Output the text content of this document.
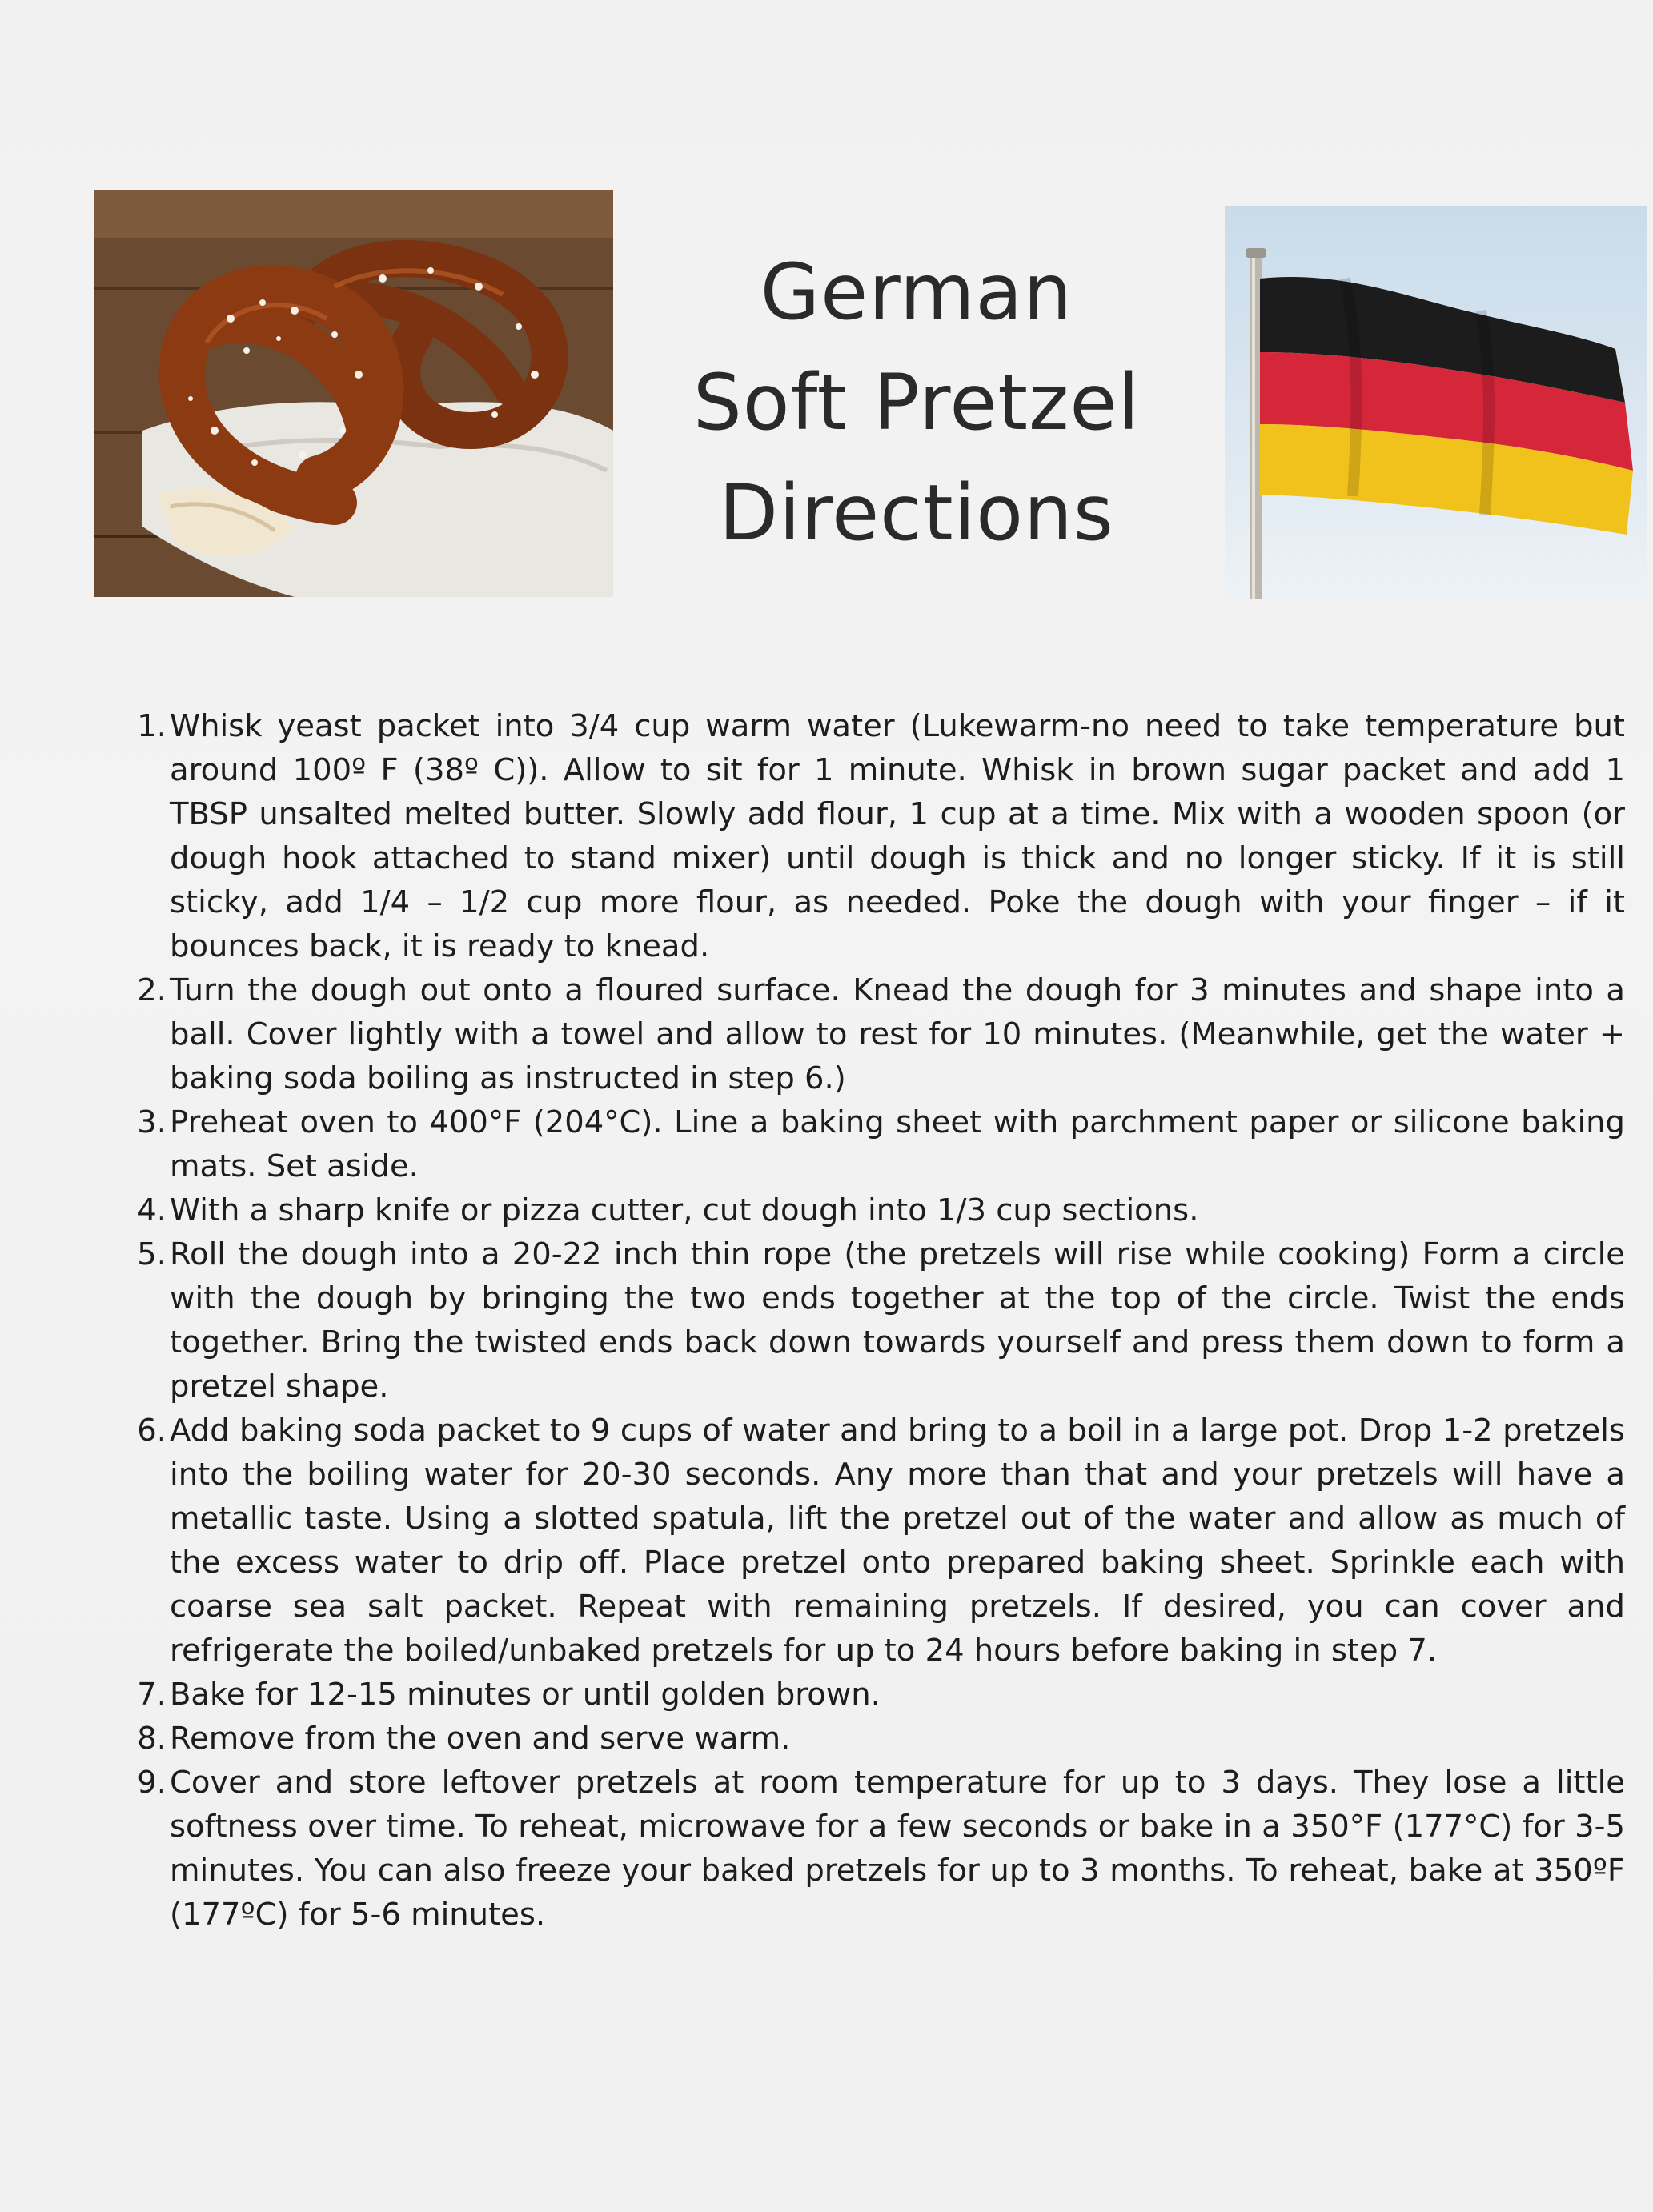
German
Soft Pretzel
Directions
1. Whisk yeast packet into 3/4 cup warm water (Lukewarm-no need to take temperature but around 100º F (38º C)). Allow to sit for 1 minute. Whisk in brown sugar packet and add 1 TBSP unsalted melted butter. Slowly add flour, 1 cup at a time. Mix with a wooden spoon (or dough hook attached to stand mixer) until dough is thick and no longer sticky. If it is still sticky, add 1/4 – 1/2 cup more flour, as needed. Poke the dough with your finger – if it bounces back, it is ready to knead.
2. Turn the dough out onto a floured surface. Knead the dough for 3 minutes and shape into a ball. Cover lightly with a towel and allow to rest for 10 minutes. (Meanwhile, get the water + baking soda boiling as instructed in step 6.)
3. Preheat oven to 400°F (204°C). Line a baking sheet with parchment paper or silicone baking mats. Set aside.
4. With a sharp knife or pizza cutter, cut dough into 1/3 cup sections.
5. Roll the dough into a 20-22 inch thin rope (the pretzels will rise while cooking) Form a circle with the dough by bringing the two ends together at the top of the circle. Twist the ends together. Bring the twisted ends back down towards yourself and press them down to form a pretzel shape.
6. Add baking soda packet to 9 cups of water and bring to a boil in a large pot. Drop 1-2 pretzels into the boiling water for 20-30 seconds. Any more than that and your pretzels will have a metallic taste. Using a slotted spatula, lift the pretzel out of the water and allow as much of the excess water to drip off. Place pretzel onto prepared baking sheet. Sprinkle each with coarse sea salt packet. Repeat with remaining pretzels. If desired, you can cover and refrigerate the boiled/unbaked pretzels for up to 24 hours before baking in step 7.
7. Bake for 12-15 minutes or until golden brown.
8. Remove from the oven and serve warm.
9. Cover and store leftover pretzels at room temperature for up to 3 days. They lose a little softness over time. To reheat, microwave for a few seconds or bake in a 350°F (177°C) for 3-5 minutes. You can also freeze your baked pretzels for up to 3 months. To reheat, bake at 350ºF (177ºC) for 5-6 minutes.
